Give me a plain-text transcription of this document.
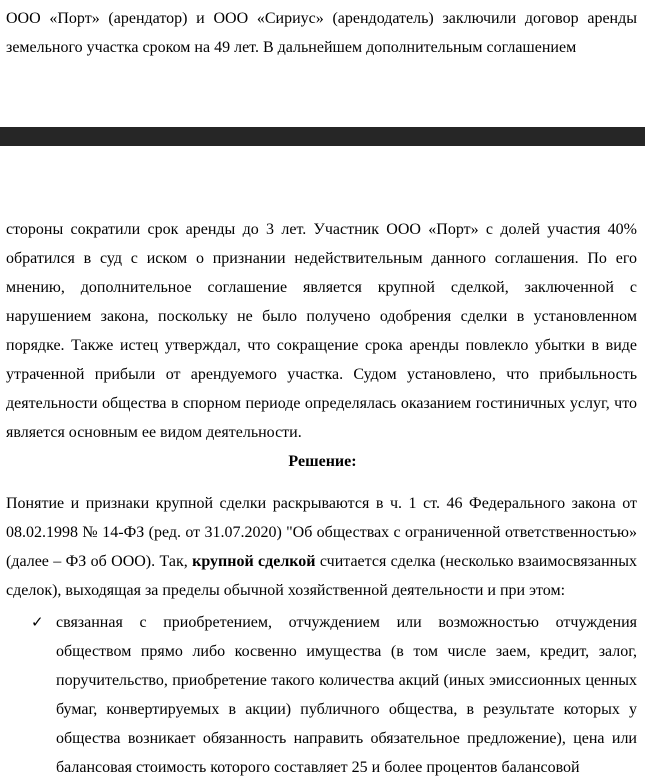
ООО «Порт» (арендатор) и ООО «Сириус» (арендодатель) заключили договор аренды земельного участка сроком на 49 лет. В дальнейшем дополнительным соглашением

стороны сократили срок аренды до 3 лет. Участник ООО «Порт» с долей участия 40% обратился в суд с иском о признании недействительным данного соглашения. По его мнению, дополнительное соглашение является крупной сделкой, заключенной с нарушением закона, поскольку не было получено одобрения сделки в установленном порядке. Также истец утверждал, что сокращение срока аренды повлекло убытки в виде утраченной прибыли от арендуемого участка. Судом установлено, что прибыльность деятельности общества в спорном периоде определялась оказанием гостиничных услуг, что является основным ее видом деятельности.

Решение:

Понятие и признаки крупной сделки раскрываются в ч. 1 ст. 46 Федерального закона от 08.02.1998 № 14-ФЗ (ред. от 31.07.2020) "Об обществах с ограниченной ответственностью» (далее – ФЗ об ООО). Так, крупной сделкой считается сделка (несколько взаимосвязанных сделок), выходящая за пределы обычной хозяйственной деятельности и при этом:

✓ связанная с приобретением, отчуждением или возможностью отчуждения обществом прямо либо косвенно имущества (в том числе заем, кредит, залог, поручительство, приобретение такого количества акций (иных эмиссионных ценных бумаг, конвертируемых в акции) публичного общества, в результате которых у общества возникает обязанность направить обязательное предложение), цена или балансовая стоимость которого составляет 25 и более процентов балансовой
